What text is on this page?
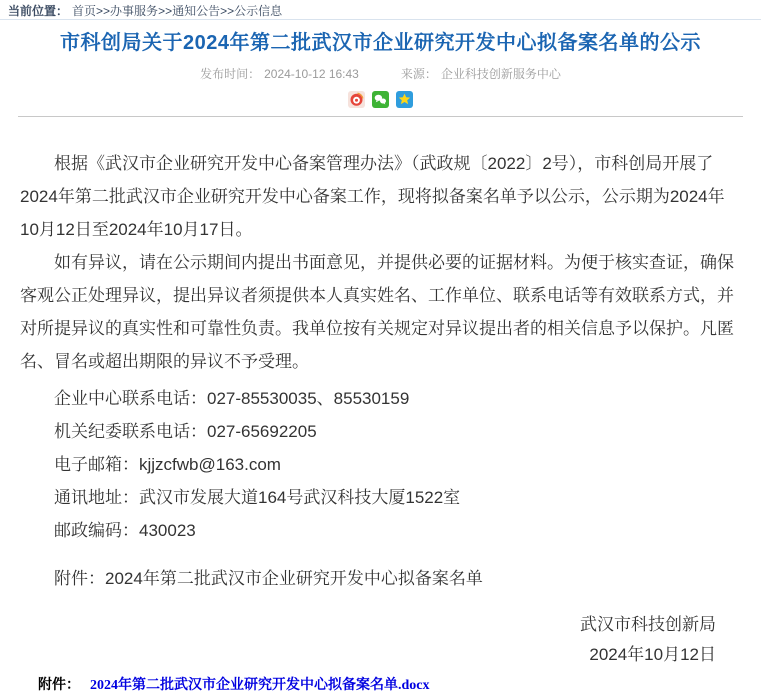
当前位置： 首页>>办事服务>>通知公告>>公示信息
市科创局关于2024年第二批武汉市企业研究开发中心拟备案名单的公示
发布时间： 2024-10-12 16:43	来源： 企业科技创新服务中心

根据《武汉市企业研究开发中心备案管理办法》（武政规〔2022〕2号），市科创局开展了2024年第二批武汉市企业研究开发中心备案工作，现将拟备案名单予以公示，公示期为2024年10月12日至2024年10月17日。

如有异议，请在公示期间内提出书面意见，并提供必要的证据材料。为便于核实查证，确保客观公正处理异议，提出异议者须提供本人真实姓名、工作单位、联系电话等有效联系方式，并对所提异议的真实性和可靠性负责。我单位按有关规定对异议提出者的相关信息予以保护。凡匿名、冒名或超出期限的异议不予受理。

企业中心联系电话：027-85530035、85530159
机关纪委联系电话：027-65692205
电子邮箱：kjjzcfwb@163.com
通讯地址：武汉市发展大道164号武汉科技大厦1522室
邮政编码：430023

附件：2024年第二批武汉市企业研究开发中心拟备案名单

武汉市科技创新局
2024年10月12日
附件： 2024年第二批武汉市企业研究开发中心拟备案名单.docx
